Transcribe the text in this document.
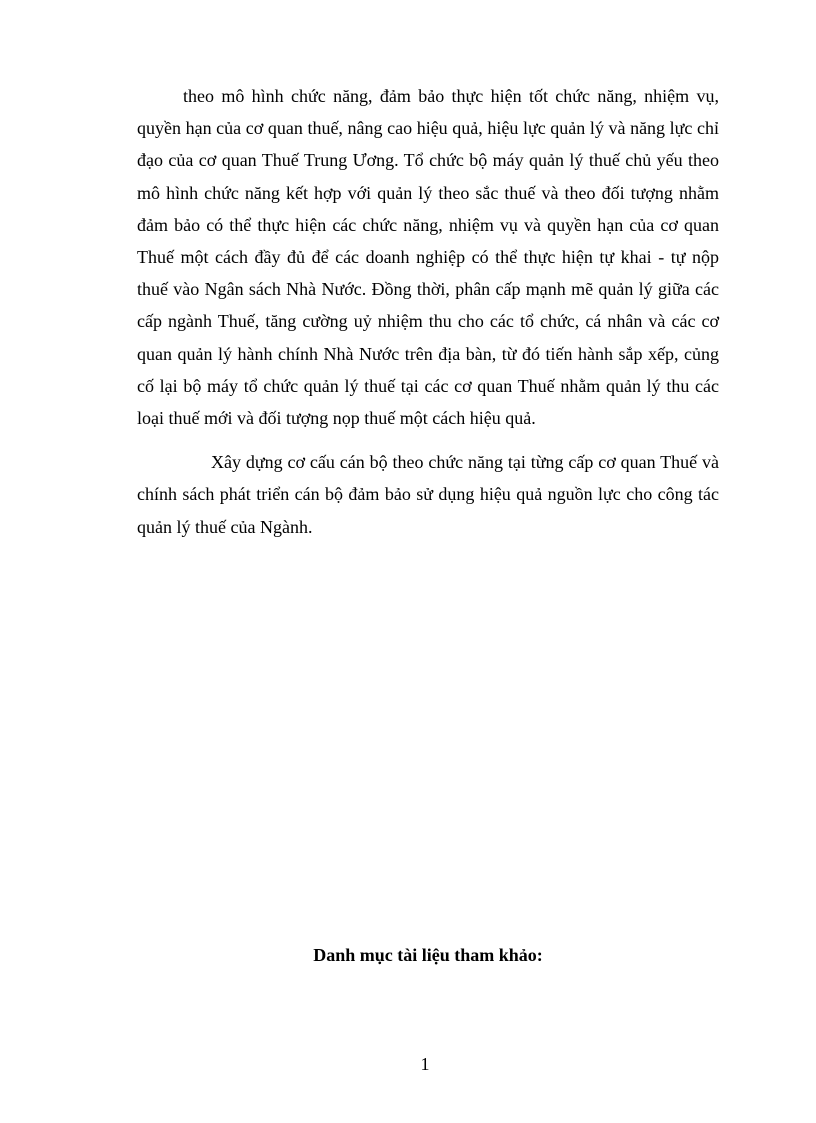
theo mô hình chức năng, đảm bảo thực hiện tốt chức năng, nhiệm vụ, quyền hạn của cơ quan thuế, nâng cao hiệu quả, hiệu lực quản lý và năng lực chỉ đạo của cơ quan Thuế Trung Ương. Tổ chức bộ máy quản lý thuế chủ yếu theo mô hình chức năng kết hợp với quản lý theo sắc thuế và theo đối tượng nhằm đảm bảo có thể thực hiện các chức năng, nhiệm vụ và quyền hạn của cơ quan Thuế một cách đầy đủ để các doanh nghiệp có thể thực hiện tự khai - tự nộp thuế vào Ngân sách Nhà Nước. Đồng thời, phân cấp mạnh mẽ quản lý giữa các cấp ngành Thuế, tăng cường uỷ nhiệm thu cho các tổ chức, cá nhân và các cơ quan quản lý hành chính Nhà Nước trên địa bàn, từ đó tiến hành sắp xếp, củng cố lại bộ máy tổ chức quản lý thuế tại các cơ quan Thuế nhằm quản lý thu các loại thuế mới và đối tượng nọp thuế một cách hiệu quả.

Xây dựng cơ cấu cán bộ theo chức năng tại từng cấp cơ quan Thuế và chính sách phát triển cán bộ đảm bảo sử dụng hiệu quả nguồn lực cho công tác quản lý thuế của Ngành.

Danh mục tài liệu tham khảo:
1
